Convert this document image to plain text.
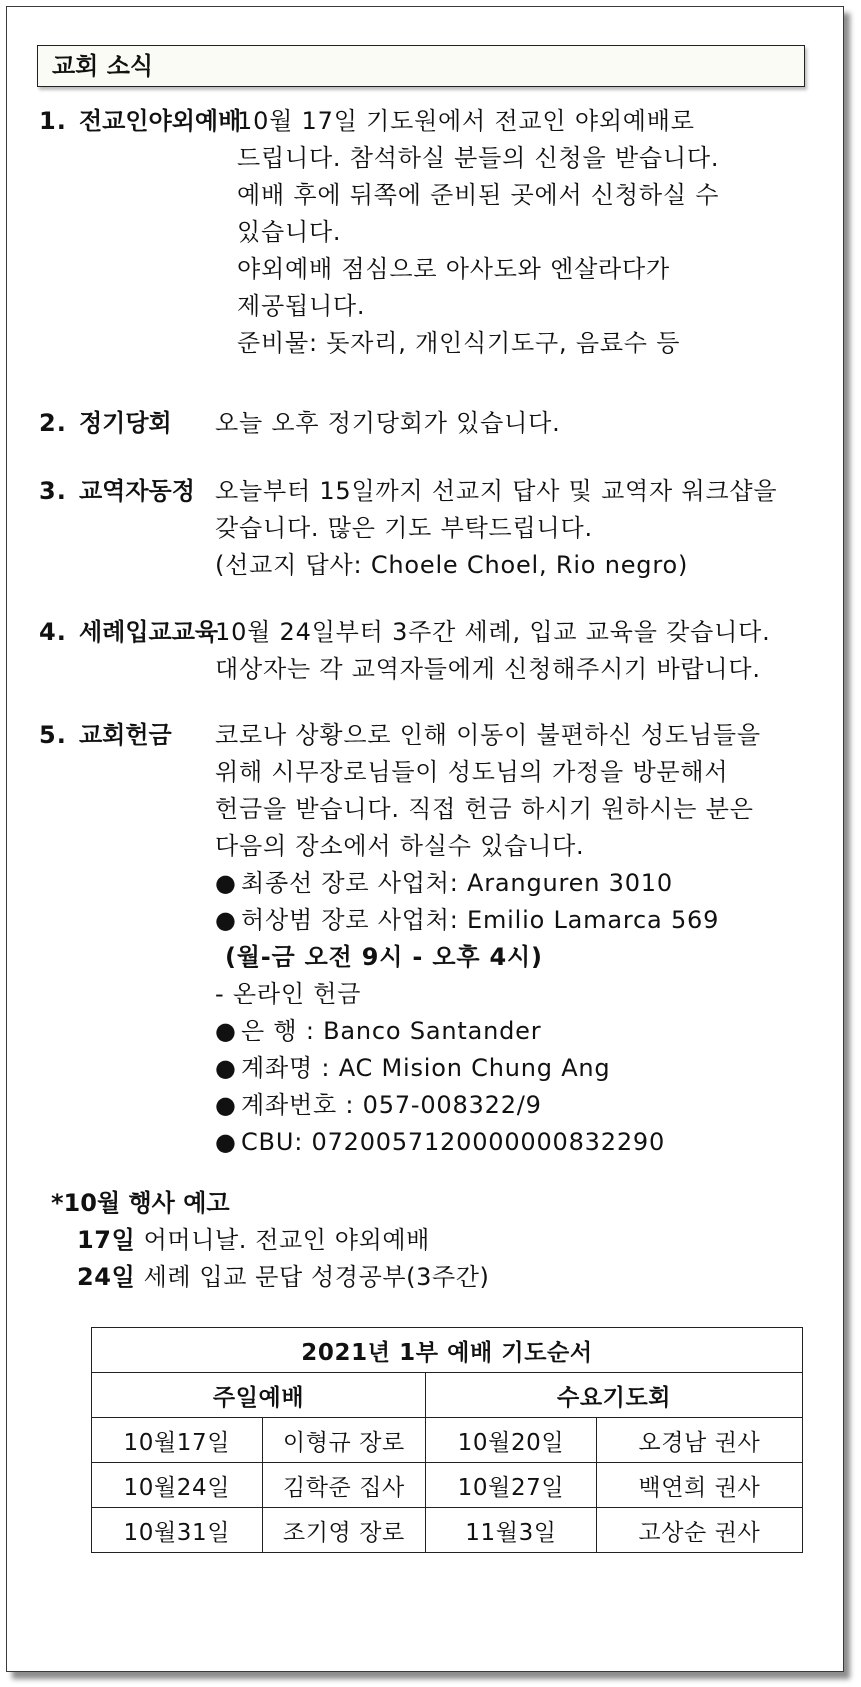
교회 소식
1. 전교인야외예배
10월 17일 기도원에서 전교인 야외예배로
드립니다. 참석하실 분들의 신청을 받습니다.
예배 후에 뒤쪽에 준비된 곳에서 신청하실 수
있습니다.
야외예배 점심으로 아사도와 엔살라다가
제공됩니다.
준비물: 돗자리, 개인식기도구, 음료수 등
2. 정기당회 오늘 오후 정기당회가 있습니다.
3. 교역자동정 오늘부터 15일까지 선교지 답사 및 교역자 워크샵을
갖습니다. 많은 기도 부탁드립니다.
(선교지 답사: Choele Choel, Rio negro)
4. 세례입교교육
10월 24일부터 3주간 세례, 입교 교육을 갖습니다.
대상자는 각 교역자들에게 신청해주시기 바랍니다.
5. 교회헌금 코로나 상황으로 인해 이동이 불편하신 성도님들을
위해 시무장로님들이 성도님의 가정을 방문해서
헌금을 받습니다. 직접 헌금 하시기 원하시는 분은
다음의 장소에서 하실수 있습니다.
● 최종선 장로 사업처: Aranguren 3010
● 허상범 장로 사업처: Emilio Lamarca 569
(월-금 오전 9시 - 오후 4시)
- 온라인 헌금
● 은 행 : Banco Santander
● 계좌명 : AC Mision Chung Ang
● 계좌번호 : 057-008322/9
● CBU: 0720057120000000832290
*10월 행사 예고
17일 어머니날. 전교인 야외예배
24일 세례 입교 문답 성경공부(3주간)
2021년 1부 예배 기도순서			
주일예배		수요기도회	
10월17일	이형규 장로	10월20일	오경남 권사
10월24일	김학준 집사	10월27일	백연희 권사
10월31일	조기영 장로	11월3일	고상순 권사
